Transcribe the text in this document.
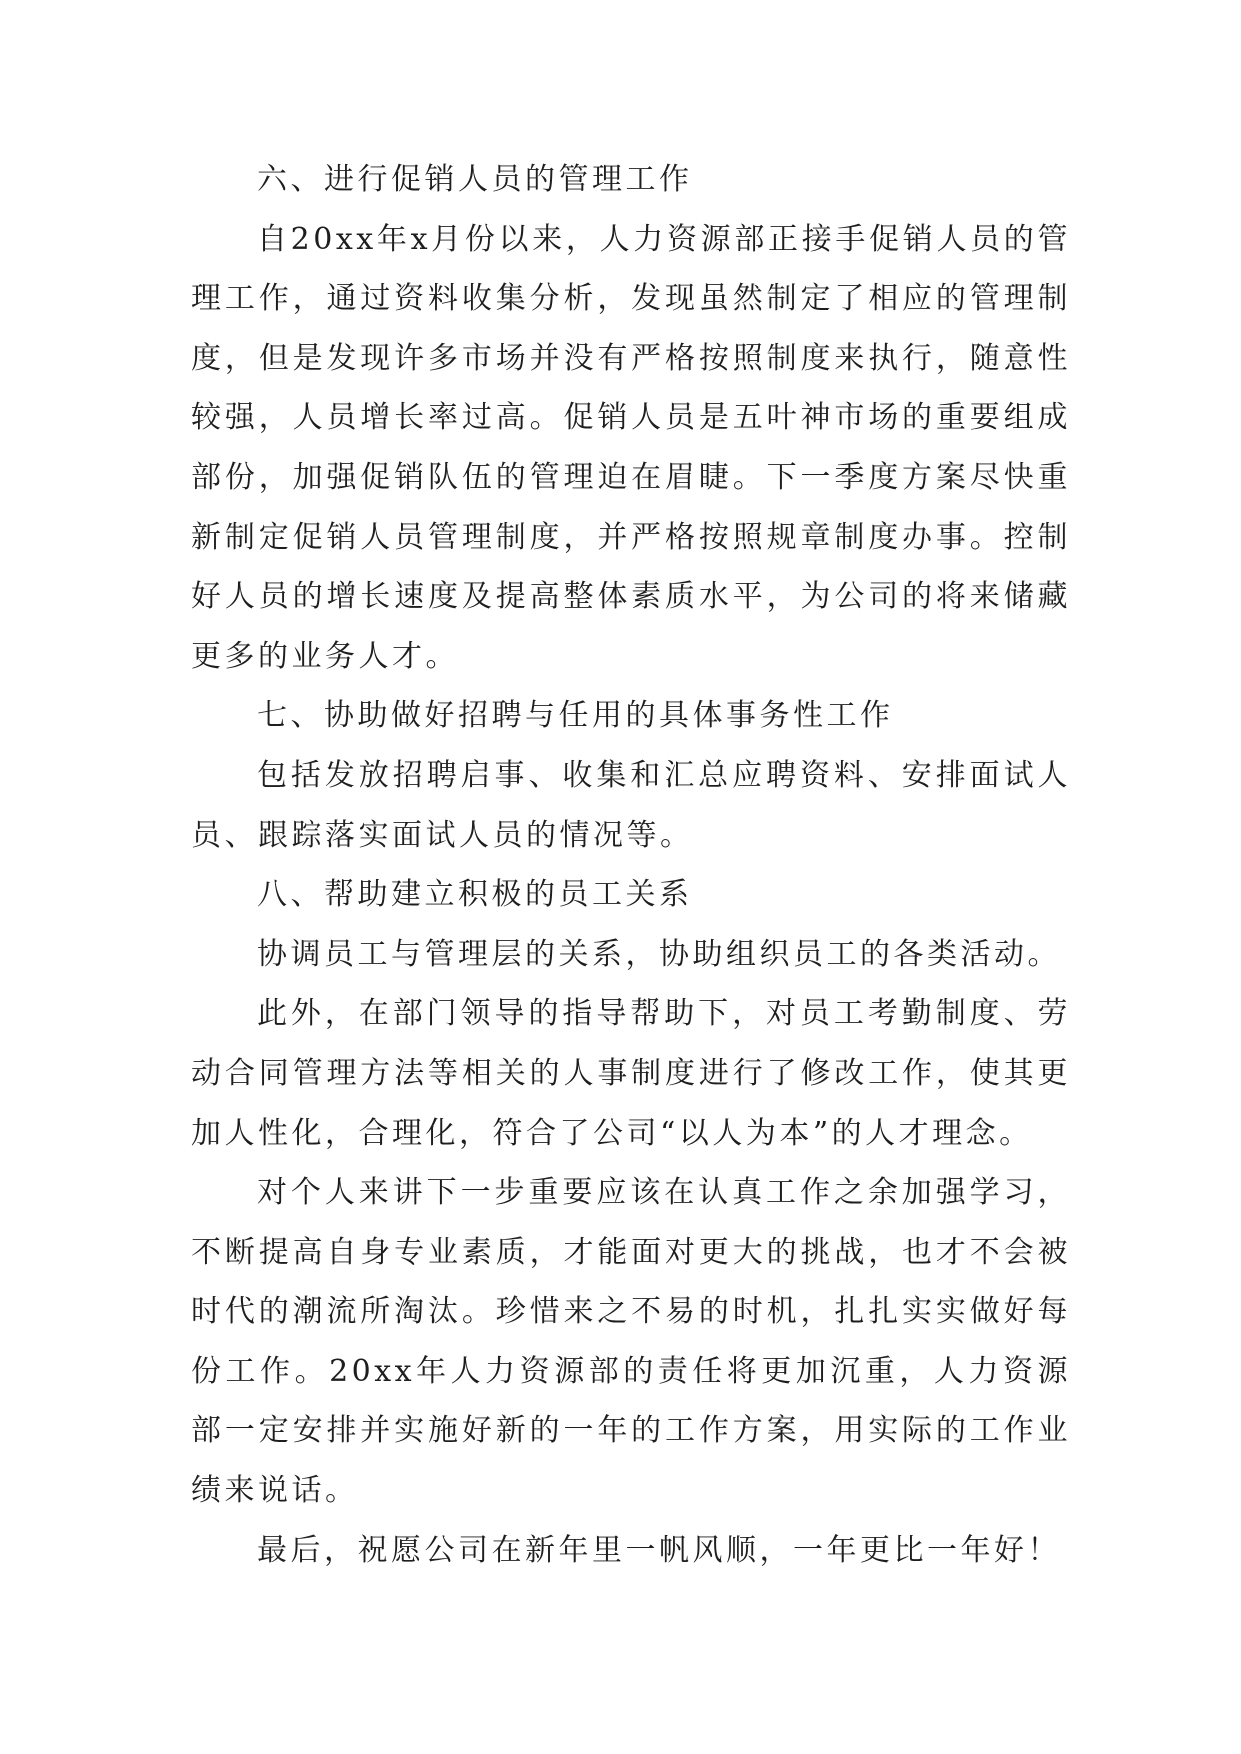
六、进行促销人员的管理工作

自20xx年x月份以来，人力资源部正接手促销人员的管理工作，通过资料收集分析，发现虽然制定了相应的管理制度，但是发现许多市场并没有严格按照制度来执行，随意性较强，人员增长率过高。促销人员是五叶神市场的重要组成部份，加强促销队伍的管理迫在眉睫。下一季度方案尽快重新制定促销人员管理制度，并严格按照规章制度办事。控制好人员的增长速度及提高整体素质水平，为公司的将来储藏更多的业务人才。

七、协助做好招聘与任用的具体事务性工作

包括发放招聘启事、收集和汇总应聘资料、安排面试人员、跟踪落实面试人员的情况等。

八、帮助建立积极的员工关系

协调员工与管理层的关系，协助组织员工的各类活动。

此外，在部门领导的指导帮助下，对员工考勤制度、劳动合同管理方法等相关的人事制度进行了修改工作，使其更加人性化，合理化，符合了公司“以人为本”的人才理念。

对个人来讲下一步重要应该在认真工作之余加强学习，不断提高自身专业素质，才能面对更大的挑战，也才不会被时代的潮流所淘汰。珍惜来之不易的时机，扎扎实实做好每份工作。20xx年人力资源部的责任将更加沉重，人力资源部一定安排并实施好新的一年的工作方案，用实际的工作业绩来说话。

最后，祝愿公司在新年里一帆风顺，一年更比一年好！
